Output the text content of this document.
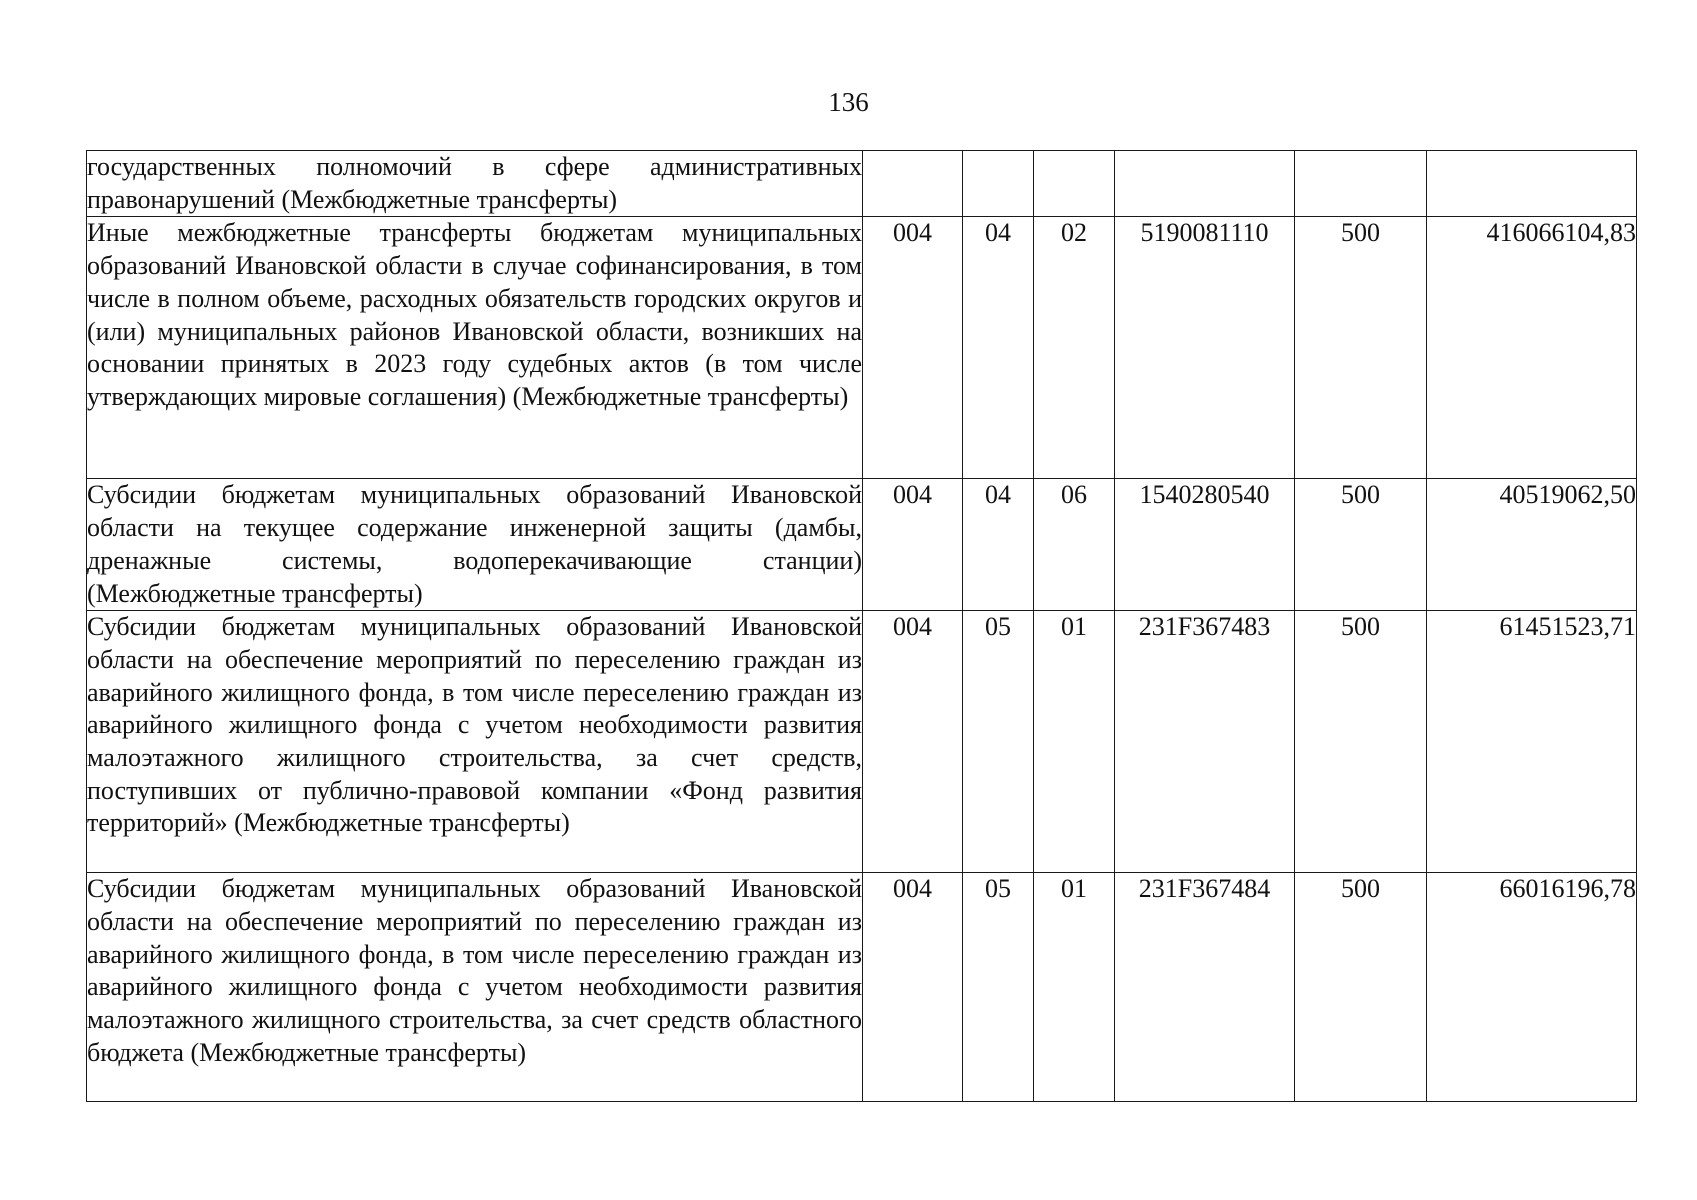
136
государственных полномочий в сфере административных правонарушений (Межбюджетные трансферты)						
Иные межбюджетные трансферты бюджетам муниципальных образований Ивановской области в случае софинансирования, в том числе в полном объеме, расходных обязательств городских округов и (или) муниципальных районов Ивановской области, возникших на основании принятых в 2023 году судебных актов (в том числе утверждающих мировые соглашения) (Межбюджетные трансферты)	004	04	02	5190081110	500	416066104,83
Субсидии бюджетам муниципальных образований Ивановской области на текущее содержание инженерной защиты (дамбы, дренажные системы, водоперекачивающие станции) (Межбюджетные трансферты)	004	04	06	1540280540	500	40519062,50
Субсидии бюджетам муниципальных образований Ивановской области на обеспечение мероприятий по переселению граждан из аварийного жилищного фонда, в том числе переселению граждан из аварийного жилищного фонда с учетом необходимости развития малоэтажного жилищного строительства, за счет средств, поступивших от публично-правовой компании «Фонд развития территорий» (Межбюджетные трансферты)	004	05	01	231F367483	500	61451523,71
Субсидии бюджетам муниципальных образований Ивановской области на обеспечение мероприятий по переселению граждан из аварийного жилищного фонда, в том числе переселению граждан из аварийного жилищного фонда с учетом необходимости развития малоэтажного жилищного строительства, за счет средств областного бюджета (Межбюджетные трансферты)	004	05	01	231F367484	500	66016196,78
